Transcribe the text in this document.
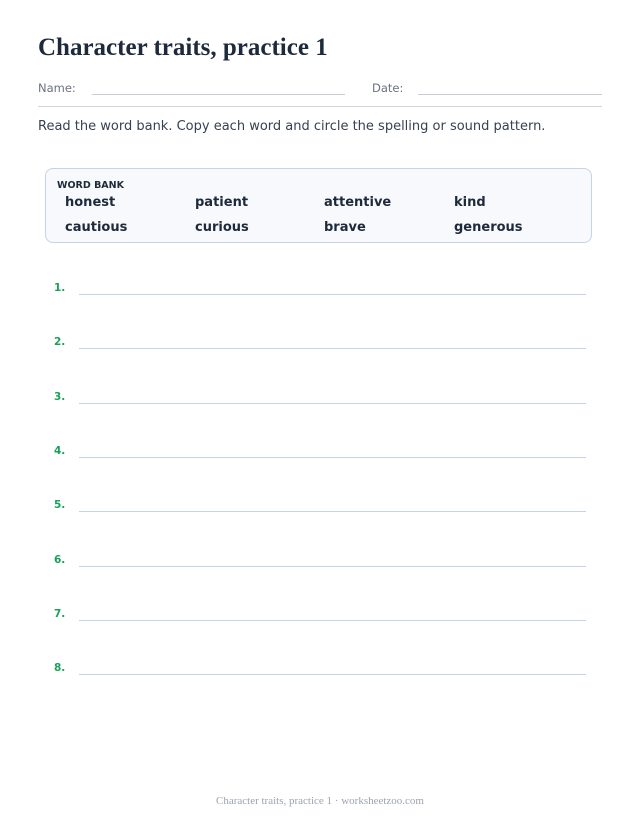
Character traits, practice 1
Name:	Date:
Read the word bank. Copy each word and circle the spelling or sound pattern.
WORD BANK
honest	patient	attentive	kind
cautious	curious	brave	generous
1.
2.
3.
4.
5.
6.
7.
8.
Character traits, practice 1 · worksheetzoo.com
